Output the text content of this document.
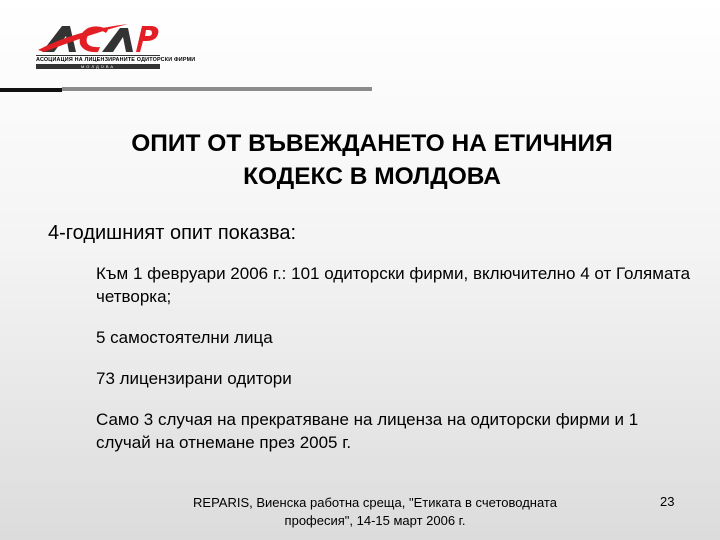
АСОЦИАЦИЯ НА ЛИЦЕНЗИРАНИТЕ ОДИТОРСКИ ФИРМИ
МОЛДОВА
ОПИТ ОТ ВЪВЕЖДАНЕТО НА ЕТИЧНИЯ
КОДЕКС В МОЛДОВА
4-годишният опит показва:
Към 1 февруари 2006 г.: 101 одиторски фирми, включително 4 от Голямата четворка;
5 самостоятелни лица
73 лицензирани одитори
Само 3 случая на прекратяване на лиценза на одиторски фирми и 1 случай на отнемане през 2005 г.
REPARIS, Виенска работна среща, "Етиката в счетоводната
професия", 14-15 март 2006 г.
23
